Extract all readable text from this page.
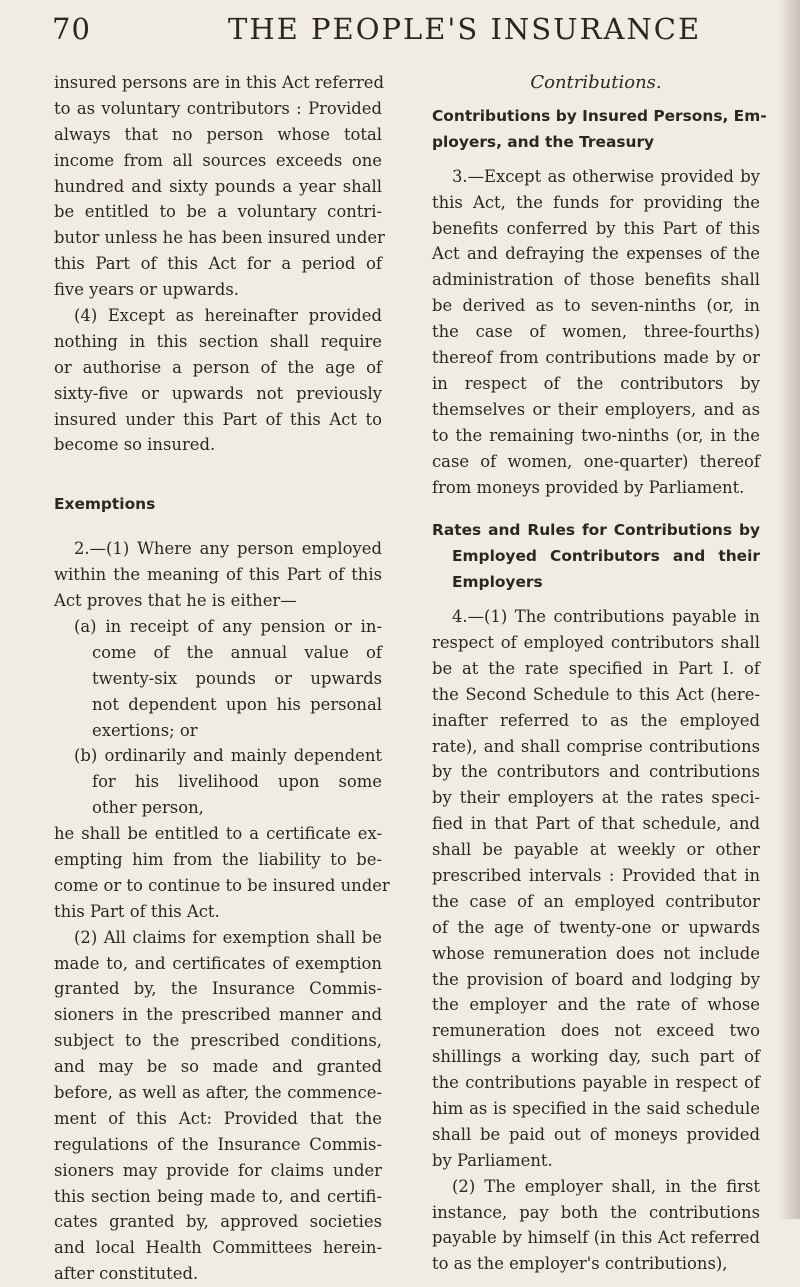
70	THE PEOPLE'S INSURANCE
insured persons are in this Act referred
to as voluntary contributors : Provided
always that no person whose total
income from all sources exceeds one
hundred and sixty pounds a year shall
be entitled to be a voluntary contri-
butor unless he has been insured under
this Part of this Act for a period of
five years or upwards.
(4) Except as hereinafter provided
nothing in this section shall require
or authorise a person of the age of
sixty-five or upwards not previously
insured under this Part of this Act to
become so insured.
Exemptions
2.—(1) Where any person employed
within the meaning of this Part of this
Act proves that he is either—
(a) in receipt of any pension or in-
come of the annual value of
twenty-six pounds or upwards
not dependent upon his personal
exertions; or
(b) ordinarily and mainly dependent
for his livelihood upon some
other person,
he shall be entitled to a certificate ex-
empting him from the liability to be-
come or to continue to be insured under
this Part of this Act.
(2) All claims for exemption shall be
made to, and certificates of exemption
granted by, the Insurance Commis-
sioners in the prescribed manner and
subject to the prescribed conditions,
and may be so made and granted
before, as well as after, the commence-
ment of this Act: Provided that the
regulations of the Insurance Commis-
sioners may provide for claims under
this section being made to, and certifi-
cates granted by, approved societies
and local Health Committees herein-
after constituted.
Contributions.
Contributions by Insured Persons, Em-
ployers, and the Treasury
3.—Except as otherwise provided by
this Act, the funds for providing the
benefits conferred by this Part of this
Act and defraying the expenses of the
administration of those benefits shall
be derived as to seven-ninths (or, in
the case of women, three-fourths)
thereof from contributions made by or
in respect of the contributors by
themselves or their employers, and as
to the remaining two-ninths (or, in the
case of women, one-quarter) thereof
from moneys provided by Parliament.
Rates and Rules for Contributions by
Employed Contributors and their
Employers
4.—(1) The contributions payable in
respect of employed contributors shall
be at the rate specified in Part I. of
the Second Schedule to this Act (here-
inafter referred to as the employed
rate), and shall comprise contributions
by the contributors and contributions
by their employers at the rates speci-
fied in that Part of that schedule, and
shall be payable at weekly or other
prescribed intervals : Provided that in
the case of an employed contributor
of the age of twenty-one or upwards
whose remuneration does not include
the provision of board and lodging by
the employer and the rate of whose
remuneration does not exceed two
shillings a working day, such part of
the contributions payable in respect of
him as is specified in the said schedule
shall be paid out of moneys provided
by Parliament.
(2) The employer shall, in the first
instance, pay both the contributions
payable by himself (in this Act referred
to as the employer's contributions),
